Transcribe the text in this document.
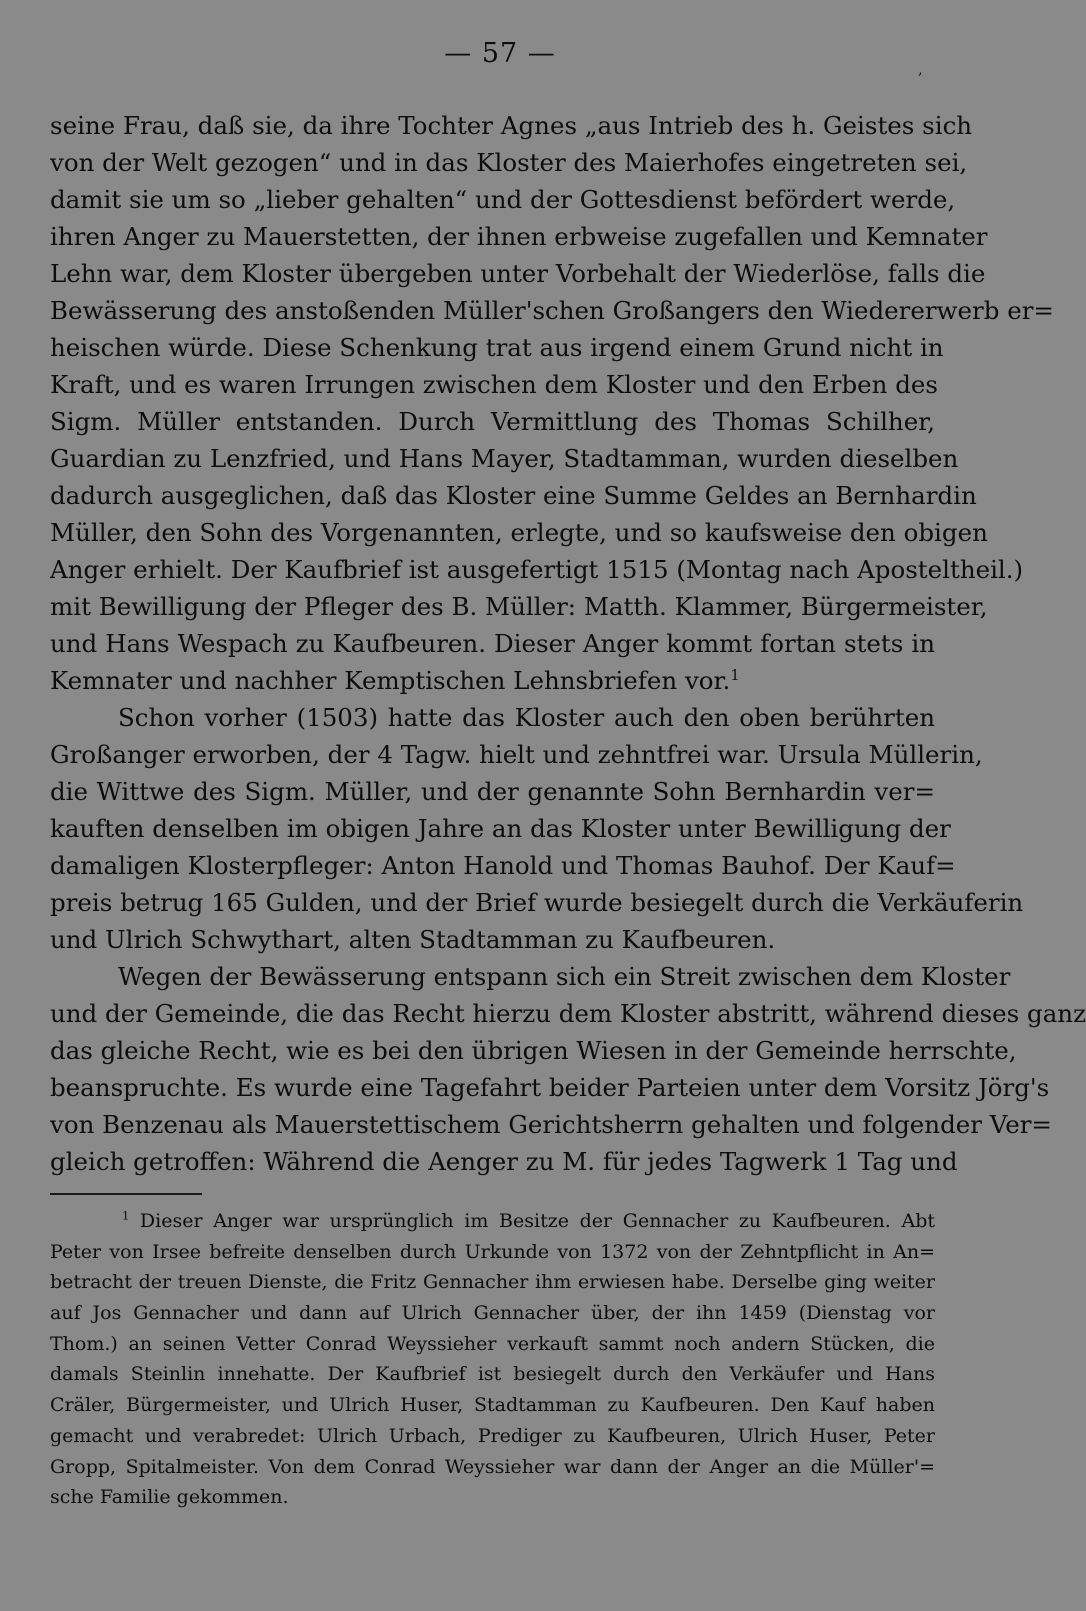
— 57 —
‚
seine Frau, daß sie, da ihre Tochter Agnes „aus Intrieb des h. Geistes sich
von der Welt gezogen“ und in das Kloster des Maierhofes eingetreten sei,
damit sie um so „lieber gehalten“ und der Gottesdienst befördert werde,
ihren Anger zu Mauerstetten, der ihnen erbweise zugefallen und Kemnater
Lehn war, dem Kloster übergeben unter Vorbehalt der Wiederlöse, falls die
Bewässerung des anstoßenden Müller'schen Großangers den Wiedererwerb er=
heischen würde. Diese Schenkung trat aus irgend einem Grund nicht in
Kraft, und es waren Irrungen zwischen dem Kloster und den Erben des
Sigm. Müller entstanden. Durch Vermittlung des Thomas Schilher,
Guardian zu Lenzfried, und Hans Mayer, Stadtamman, wurden dieselben
dadurch ausgeglichen, daß das Kloster eine Summe Geldes an Bernhardin
Müller, den Sohn des Vorgenannten, erlegte, und so kaufsweise den obigen
Anger erhielt. Der Kaufbrief ist ausgefertigt 1515 (Montag nach Aposteltheil.)
mit Bewilligung der Pfleger des B. Müller: Matth. Klammer, Bürgermeister,
und Hans Wespach zu Kaufbeuren. Dieser Anger kommt fortan stets in
Kemnater und nachher Kemptischen Lehnsbriefen vor.$^1$
Schon vorher (1503) hatte das Kloster auch den oben berührten
Großanger erworben, der 4 Tagw. hielt und zehntfrei war. Ursula Müllerin,
die Wittwe des Sigm. Müller, und der genannte Sohn Bernhardin ver=
kauften denselben im obigen Jahre an das Kloster unter Bewilligung der
damaligen Klosterpfleger: Anton Hanold und Thomas Bauhof. Der Kauf=
preis betrug 165 Gulden, und der Brief wurde besiegelt durch die Verkäuferin
und Ulrich Schwythart, alten Stadtamman zu Kaufbeuren.
Wegen der Bewässerung entspann sich ein Streit zwischen dem Kloster
und der Gemeinde, die das Recht hierzu dem Kloster abstritt, während dieses ganz
das gleiche Recht, wie es bei den übrigen Wiesen in der Gemeinde herrschte,
beanspruchte. Es wurde eine Tagefahrt beider Parteien unter dem Vorsitz Jörg's
von Benzenau als Mauerstettischem Gerichtsherrn gehalten und folgender Ver=
gleich getroffen: Während die Aenger zu M. für jedes Tagwerk 1 Tag und
$^1$ Dieser Anger war ursprünglich im Besitze der Gennacher zu Kaufbeuren. Abt
Peter von Irsee befreite denselben durch Urkunde von 1372 von der Zehntpflicht in An=
betracht der treuen Dienste, die Fritz Gennacher ihm erwiesen habe. Derselbe ging weiter
auf Jos Gennacher und dann auf Ulrich Gennacher über, der ihn 1459 (Dienstag vor
Thom.) an seinen Vetter Conrad Weyssieher verkauft sammt noch andern Stücken, die
damals Steinlin innehatte. Der Kaufbrief ist besiegelt durch den Verkäufer und Hans
Cräler, Bürgermeister, und Ulrich Huser, Stadtamman zu Kaufbeuren. Den Kauf haben
gemacht und verabredet: Ulrich Urbach, Prediger zu Kaufbeuren, Ulrich Huser, Peter
Gropp, Spitalmeister. Von dem Conrad Weyssieher war dann der Anger an die Müller'=
sche Familie gekommen.
